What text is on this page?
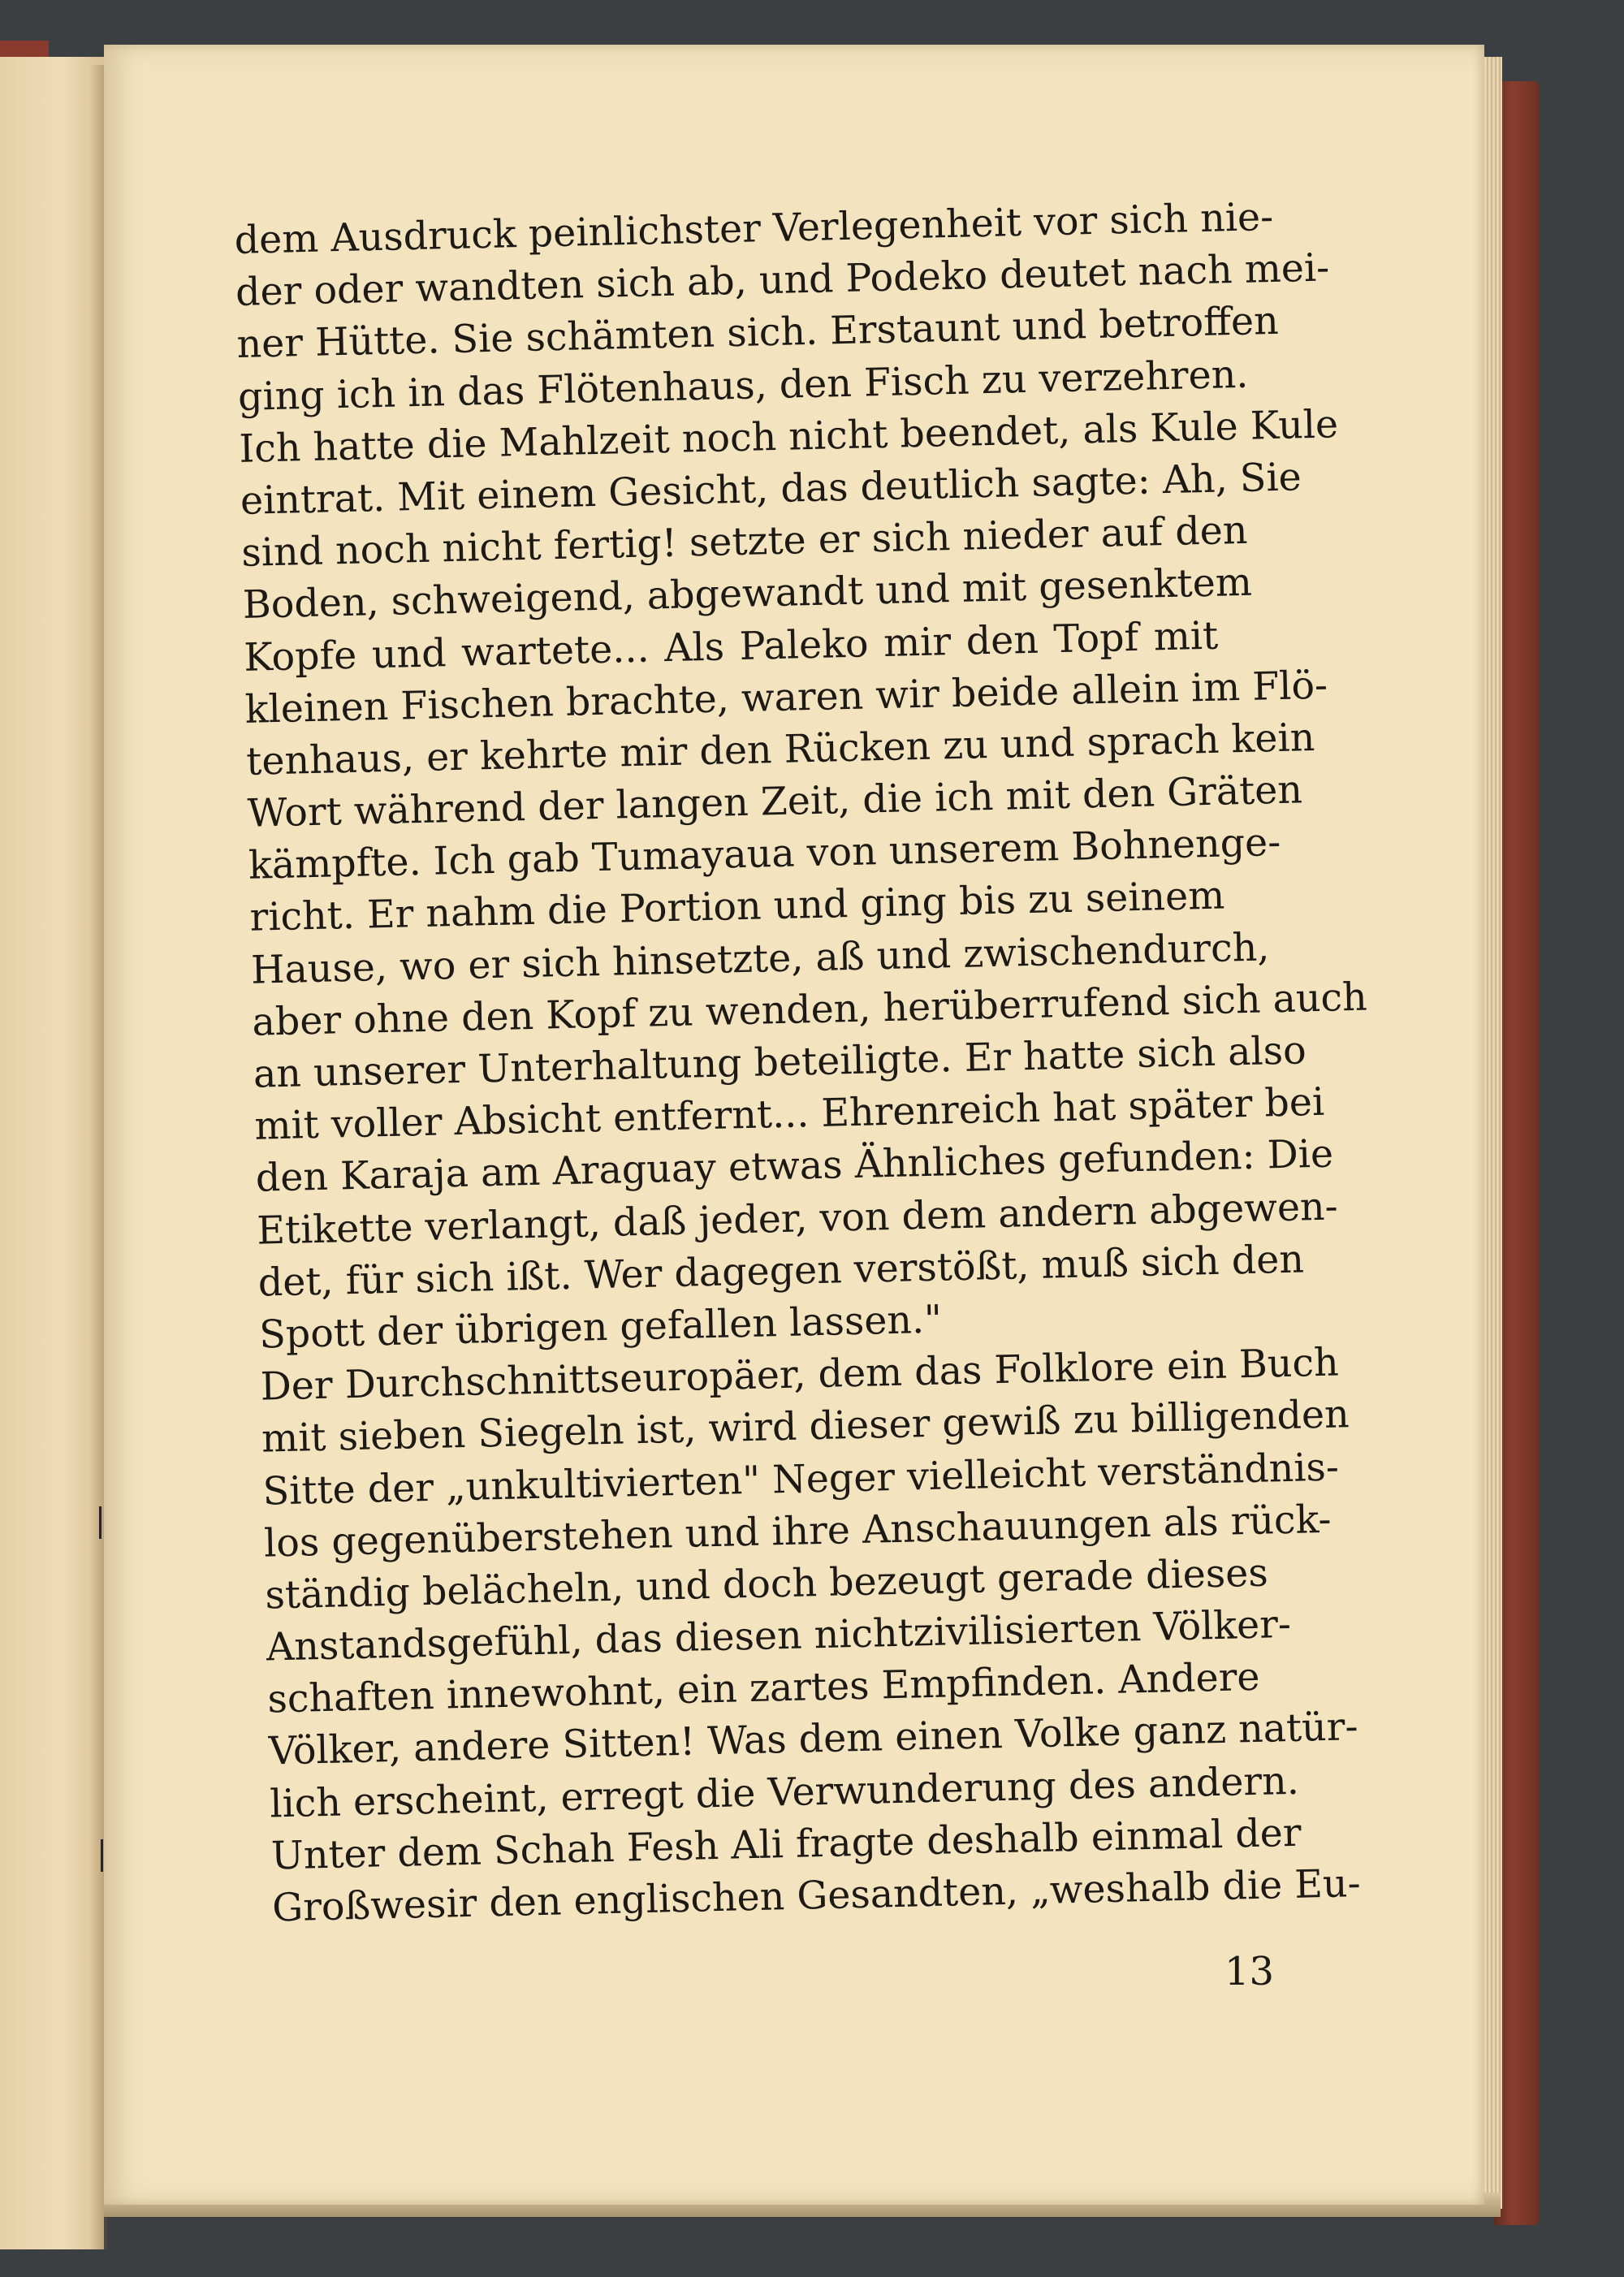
dem Ausdruck peinlichster Verlegenheit vor sich nie-
der oder wandten sich ab, und Podeko deutet nach mei-
ner Hütte. Sie schämten sich. Erstaunt und betroffen
ging ich in das Flötenhaus, den Fisch zu verzehren.
Ich hatte die Mahlzeit noch nicht beendet, als Kule Kule
eintrat. Mit einem Gesicht, das deutlich sagte: Ah, Sie
sind noch nicht fertig! setzte er sich nieder auf den
Boden, schweigend, abgewandt und mit gesenktem
Kopfe und wartete... Als Paleko mir den Topf mit
kleinen Fischen brachte, waren wir beide allein im Flö-
tenhaus, er kehrte mir den Rücken zu und sprach kein
Wort während der langen Zeit, die ich mit den Gräten
kämpfte. Ich gab Tumayaua von unserem Bohnenge-
richt. Er nahm die Portion und ging bis zu seinem
Hause, wo er sich hinsetzte, aß und zwischendurch,
aber ohne den Kopf zu wenden, herüberrufend sich auch
an unserer Unterhaltung beteiligte. Er hatte sich also
mit voller Absicht entfernt... Ehrenreich hat später bei
den Karaja am Araguay etwas Ähnliches gefunden: Die
Etikette verlangt, daß jeder, von dem andern abgewen-
det, für sich ißt. Wer dagegen verstößt, muß sich den
Spott der übrigen gefallen lassen."
Der Durchschnittseuropäer, dem das Folklore ein Buch
mit sieben Siegeln ist, wird dieser gewiß zu billigenden
Sitte der „unkultivierten" Neger vielleicht verständnis-
los gegenüberstehen und ihre Anschauungen als rück-
ständig belächeln, und doch bezeugt gerade dieses
Anstandsgefühl, das diesen nichtzivilisierten Völker-
schaften innewohnt, ein zartes Empfinden. Andere
Völker, andere Sitten! Was dem einen Volke ganz natür-
lich erscheint, erregt die Verwunderung des andern.
Unter dem Schah Fesh Ali fragte deshalb einmal der
Großwesir den englischen Gesandten, „weshalb die Eu-
13
